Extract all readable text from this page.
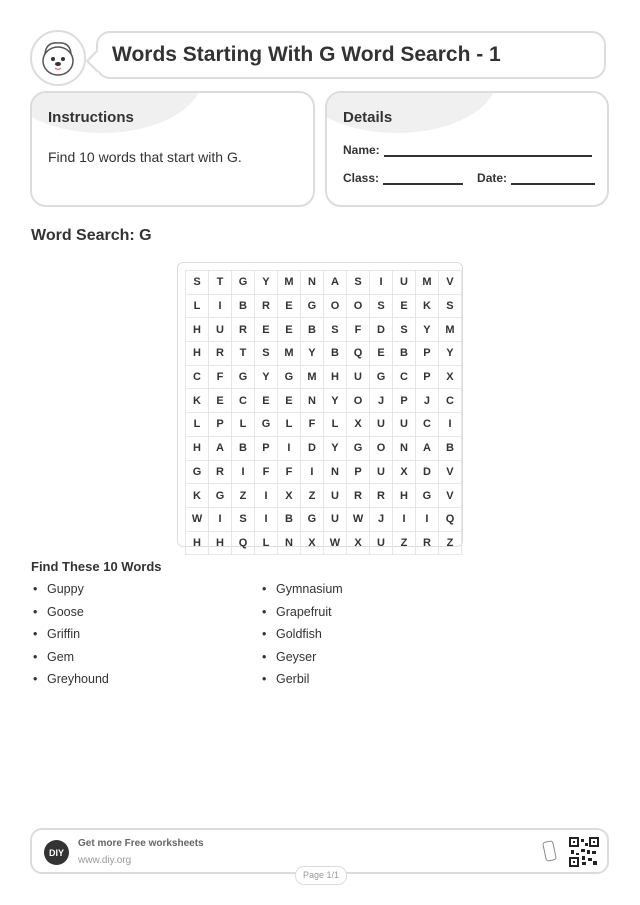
Words Starting With G Word Search - 1
Instructions
Find 10 words that start with G.
Details
Name:
Class:	Date:
Word Search: G
S	T	G	Y	M	N	A	S	I	U	M	V
L	I	B	R	E	G	O	O	S	E	K	S
H	U	R	E	E	B	S	F	D	S	Y	M
H	R	T	S	M	Y	B	Q	E	B	P	Y
C	F	G	Y	G	M	H	U	G	C	P	X
K	E	C	E	E	N	Y	O	J	P	J	C
L	P	L	G	L	F	L	X	U	U	C	I
H	A	B	P	I	D	Y	G	O	N	A	B
G	R	I	F	F	I	N	P	U	X	D	V
K	G	Z	I	X	Z	U	R	R	H	G	V
W	I	S	I	B	G	U	W	J	I	I	Q
H	H	Q	L	N	X	W	X	U	Z	R	Z
Find These 10 Words
• Guppy
• Goose
• Griffin
• Gem
• Greyhound
• Gymnasium
• Grapefruit
• Goldfish
• Geyser
• Gerbil
DIY
Get more Free worksheets
www.diy.org
Page 1/1
